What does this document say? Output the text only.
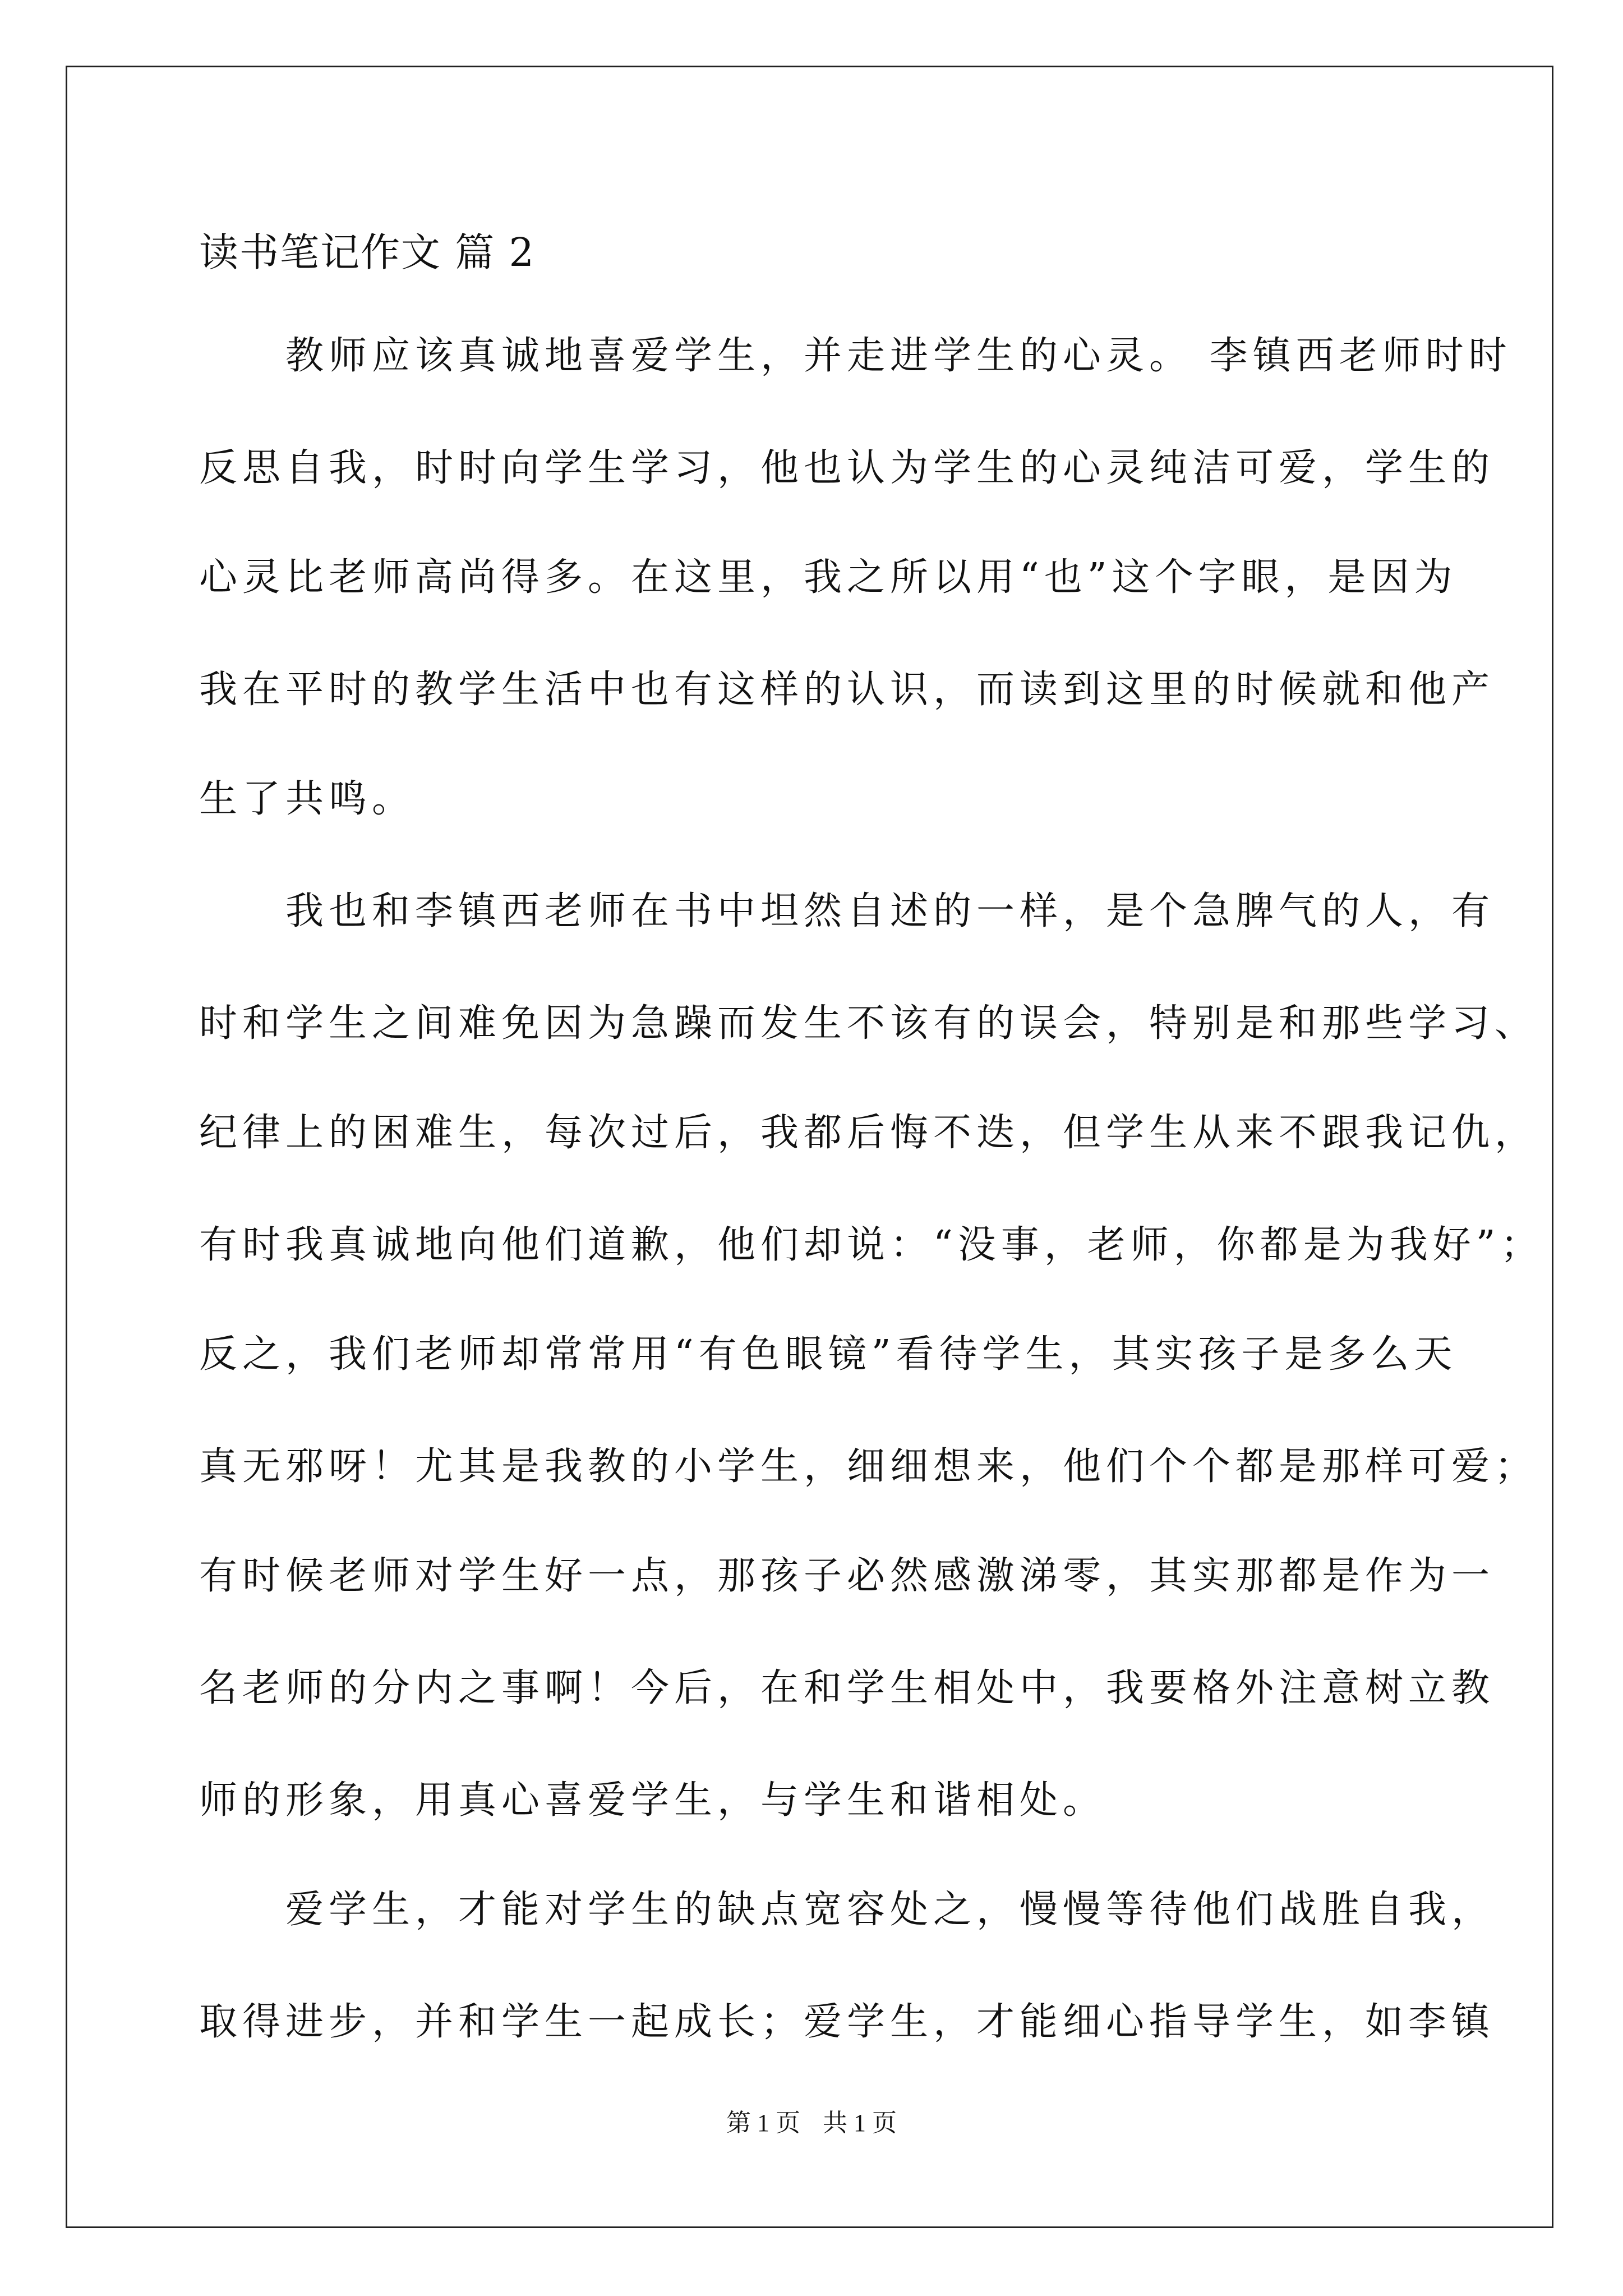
读书笔记作文 篇 2
　　教师应该真诚地喜爱学生，并走进学生的心灵。 李镇西老师时时
反思自我，时时向学生学习，他也认为学生的心灵纯洁可爱，学生的
心灵比老师高尚得多。在这里，我之所以用“也”这个字眼，是因为
我在平时的教学生活中也有这样的认识，而读到这里的时候就和他产
生了共鸣。
　　我也和李镇西老师在书中坦然自述的一样，是个急脾气的人，有
时和学生之间难免因为急躁而发生不该有的误会，特别是和那些学习、
纪律上的困难生，每次过后，我都后悔不迭，但学生从来不跟我记仇，
有时我真诚地向他们道歉，他们却说：“没事，老师，你都是为我好”；
反之，我们老师却常常用“有色眼镜”看待学生，其实孩子是多么天
真无邪呀！尤其是我教的小学生，细细想来，他们个个都是那样可爱；
有时候老师对学生好一点，那孩子必然感激涕零，其实那都是作为一
名老师的分内之事啊！今后，在和学生相处中，我要格外注意树立教
师的形象，用真心喜爱学生，与学生和谐相处。
　　爱学生，才能对学生的缺点宽容处之，慢慢等待他们战胜自我，
取得进步，并和学生一起成长；爱学生，才能细心指导学生，如李镇
第 1 页 共 1 页
